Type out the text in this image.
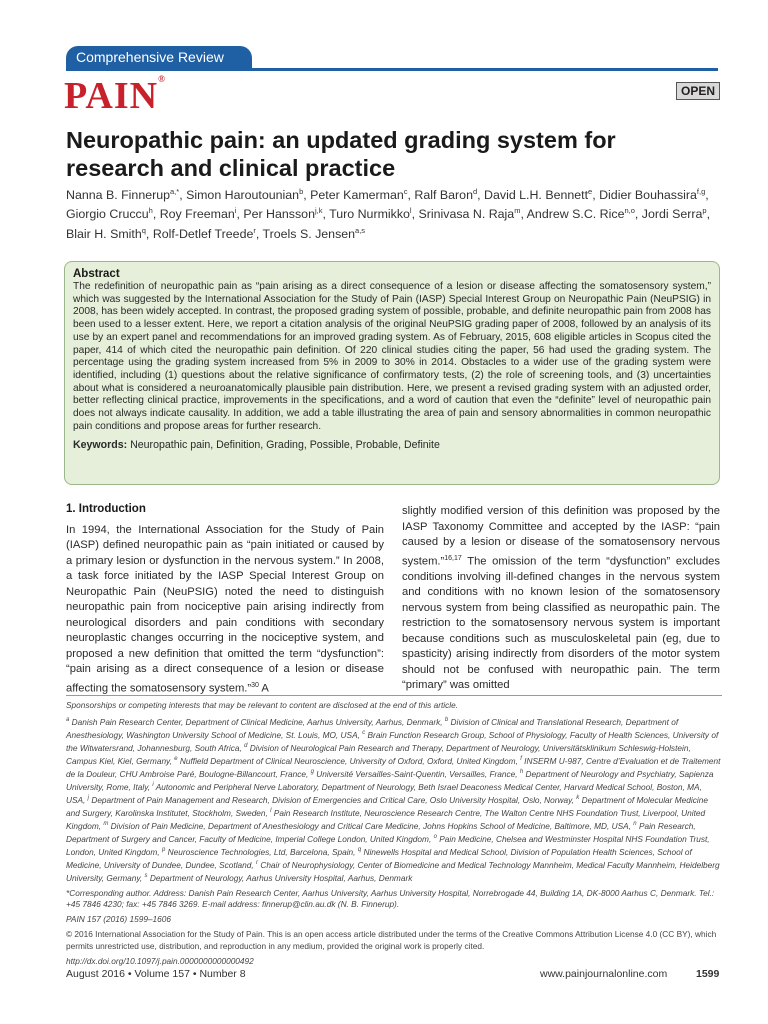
Comprehensive Review
PAIN®
OPEN
Neuropathic pain: an updated grading system for research and clinical practice
Nanna B. Finnerup$^{a,*}$, Simon Haroutounian$^b$, Peter Kamerman$^c$, Ralf Baron$^d$, David L.H. Bennett$^e$, Didier Bouhassira$^{f,g}$, Giorgio Cruccu$^h$, Roy Freeman$^i$, Per Hansson$^{j,k}$, Turo Nurmikko$^l$, Srinivasa N. Raja$^m$, Andrew S.C. Rice$^{n,o}$, Jordi Serra$^p$, Blair H. Smith$^q$, Rolf-Detlef Treede$^r$, Troels S. Jensen$^{a,s}$
Abstract

The redefinition of neuropathic pain as “pain arising as a direct consequence of a lesion or disease affecting the somatosensory system,” which was suggested by the International Association for the Study of Pain (IASP) Special Interest Group on Neuropathic Pain (NeuPSIG) in 2008, has been widely accepted. In contrast, the proposed grading system of possible, probable, and definite neuropathic pain from 2008 has been used to a lesser extent. Here, we report a citation analysis of the original NeuPSIG grading paper of 2008, followed by an analysis of its use by an expert panel and recommendations for an improved grading system. As of February, 2015, 608 eligible articles in Scopus cited the paper, 414 of which cited the neuropathic pain definition. Of 220 clinical studies citing the paper, 56 had used the grading system. The percentage using the grading system increased from 5% in 2009 to 30% in 2014. Obstacles to a wider use of the grading system were identified, including (1) questions about the relative significance of confirmatory tests, (2) the role of screening tools, and (3) uncertainties about what is considered a neuroanatomically plausible pain distribution. Here, we present a revised grading system with an adjusted order, better reflecting clinical practice, improvements in the specifications, and a word of caution that even the “definite” level of neuropathic pain does not always indicate causality. In addition, we add a table illustrating the area of pain and sensory abnormalities in common neuropathic pain conditions and propose areas for further research.

Keywords: Neuropathic pain, Definition, Grading, Possible, Probable, Definite

1. Introduction

In 1994, the International Association for the Study of Pain (IASP) defined neuropathic pain as “pain initiated or caused by a primary lesion or dysfunction in the nervous system.” In 2008, a task force initiated by the IASP Special Interest Group on Neuropathic Pain (NeuPSIG) noted the need to distinguish neuropathic pain from nociceptive pain arising indirectly from neurological disorders and pain conditions with secondary neuroplastic changes occurring in the nociceptive system, and proposed a new definition that omitted the term “dysfunction”: “pain arising as a direct consequence of a lesion or disease affecting the somatosensory system.”$^{30}$ A

slightly modified version of this definition was proposed by the IASP Taxonomy Committee and accepted by the IASP: “pain caused by a lesion or disease of the somatosensory nervous system.”$^{16,17}$ The omission of the term “dysfunction” excludes conditions involving ill-defined changes in the nervous system and conditions with no known lesion of the somatosensory nervous system from being classified as neuropathic pain. The restriction to the somatosensory nervous system is important because conditions such as musculoskeletal pain (eg, due to spasticity) arising indirectly from disorders of the motor system should not be confused with neuropathic pain. The term “primary” was omitted

Sponsorships or competing interests that may be relevant to content are disclosed at the end of this article.

$^a$ Danish Pain Research Center, Department of Clinical Medicine, Aarhus University, Aarhus, Denmark, $^b$ Division of Clinical and Translational Research, Department of Anesthesiology, Washington University School of Medicine, St. Louis, MO, USA, $^c$ Brain Function Research Group, School of Physiology, Faculty of Health Sciences, University of the Witwatersrand, Johannesburg, South Africa, $^d$ Division of Neurological Pain Research and Therapy, Department of Neurology, Universitätsklinikum Schleswig-Holstein, Campus Kiel, Kiel, Germany, $^e$ Nuffield Department of Clinical Neuroscience, University of Oxford, Oxford, United Kingdom, $^f$ INSERM U-987, Centre d’Evaluation et de Traitement de la Douleur, CHU Ambroise Paré, Boulogne-Billancourt, France, $^g$ Université Versailles-Saint-Quentin, Versailles, France, $^h$ Department of Neurology and Psychiatry, Sapienza University, Rome, Italy, $^i$ Autonomic and Peripheral Nerve Laboratory, Department of Neurology, Beth Israel Deaconess Medical Center, Harvard Medical School, Boston, MA, USA, $^j$ Department of Pain Management and Research, Division of Emergencies and Critical Care, Oslo University Hospital, Oslo, Norway, $^k$ Department of Molecular Medicine and Surgery, Karolinska Institutet, Stockholm, Sweden, $^l$ Pain Research Institute, Neuroscience Research Centre, The Walton Centre NHS Foundation Trust, Liverpool, United Kingdom, $^m$ Division of Pain Medicine, Department of Anesthesiology and Critical Care Medicine, Johns Hopkins School of Medicine, Baltimore, MD, USA, $^n$ Pain Research, Department of Surgery and Cancer, Faculty of Medicine, Imperial College London, United Kingdom, $^o$ Pain Medicine, Chelsea and Westminster Hospital NHS Foundation Trust, London, United Kingdom, $^p$ Neuroscience Technologies, Ltd, Barcelona, Spain, $^q$ Ninewells Hospital and Medical School, Division of Population Health Sciences, School of Medicine, University of Dundee, Dundee, Scotland, $^r$ Chair of Neurophysiology, Center of Biomedicine and Medical Technology Mannheim, Medical Faculty Mannheim, Heidelberg University, Germany, $^s$ Department of Neurology, Aarhus University Hospital, Aarhus, Denmark

*Corresponding author. Address: Danish Pain Research Center, Aarhus University, Aarhus University Hospital, Norrebrogade 44, Building 1A, DK-8000 Aarhus C, Denmark. Tel.: +45 7846 4230; fax: +45 7846 3269. E-mail address: finnerup@clin.au.dk (N. B. Finnerup).

PAIN 157 (2016) 1599–1606

© 2016 International Association for the Study of Pain. This is an open access article distributed under the terms of the Creative Commons Attribution License 4.0 (CC BY), which permits unrestricted use, distribution, and reproduction in any medium, provided the original work is properly cited.

http://dx.doi.org/10.1097/j.pain.0000000000000492

August 2016 • Volume 157 • Number 8	www.painjournalonline.com	1599
